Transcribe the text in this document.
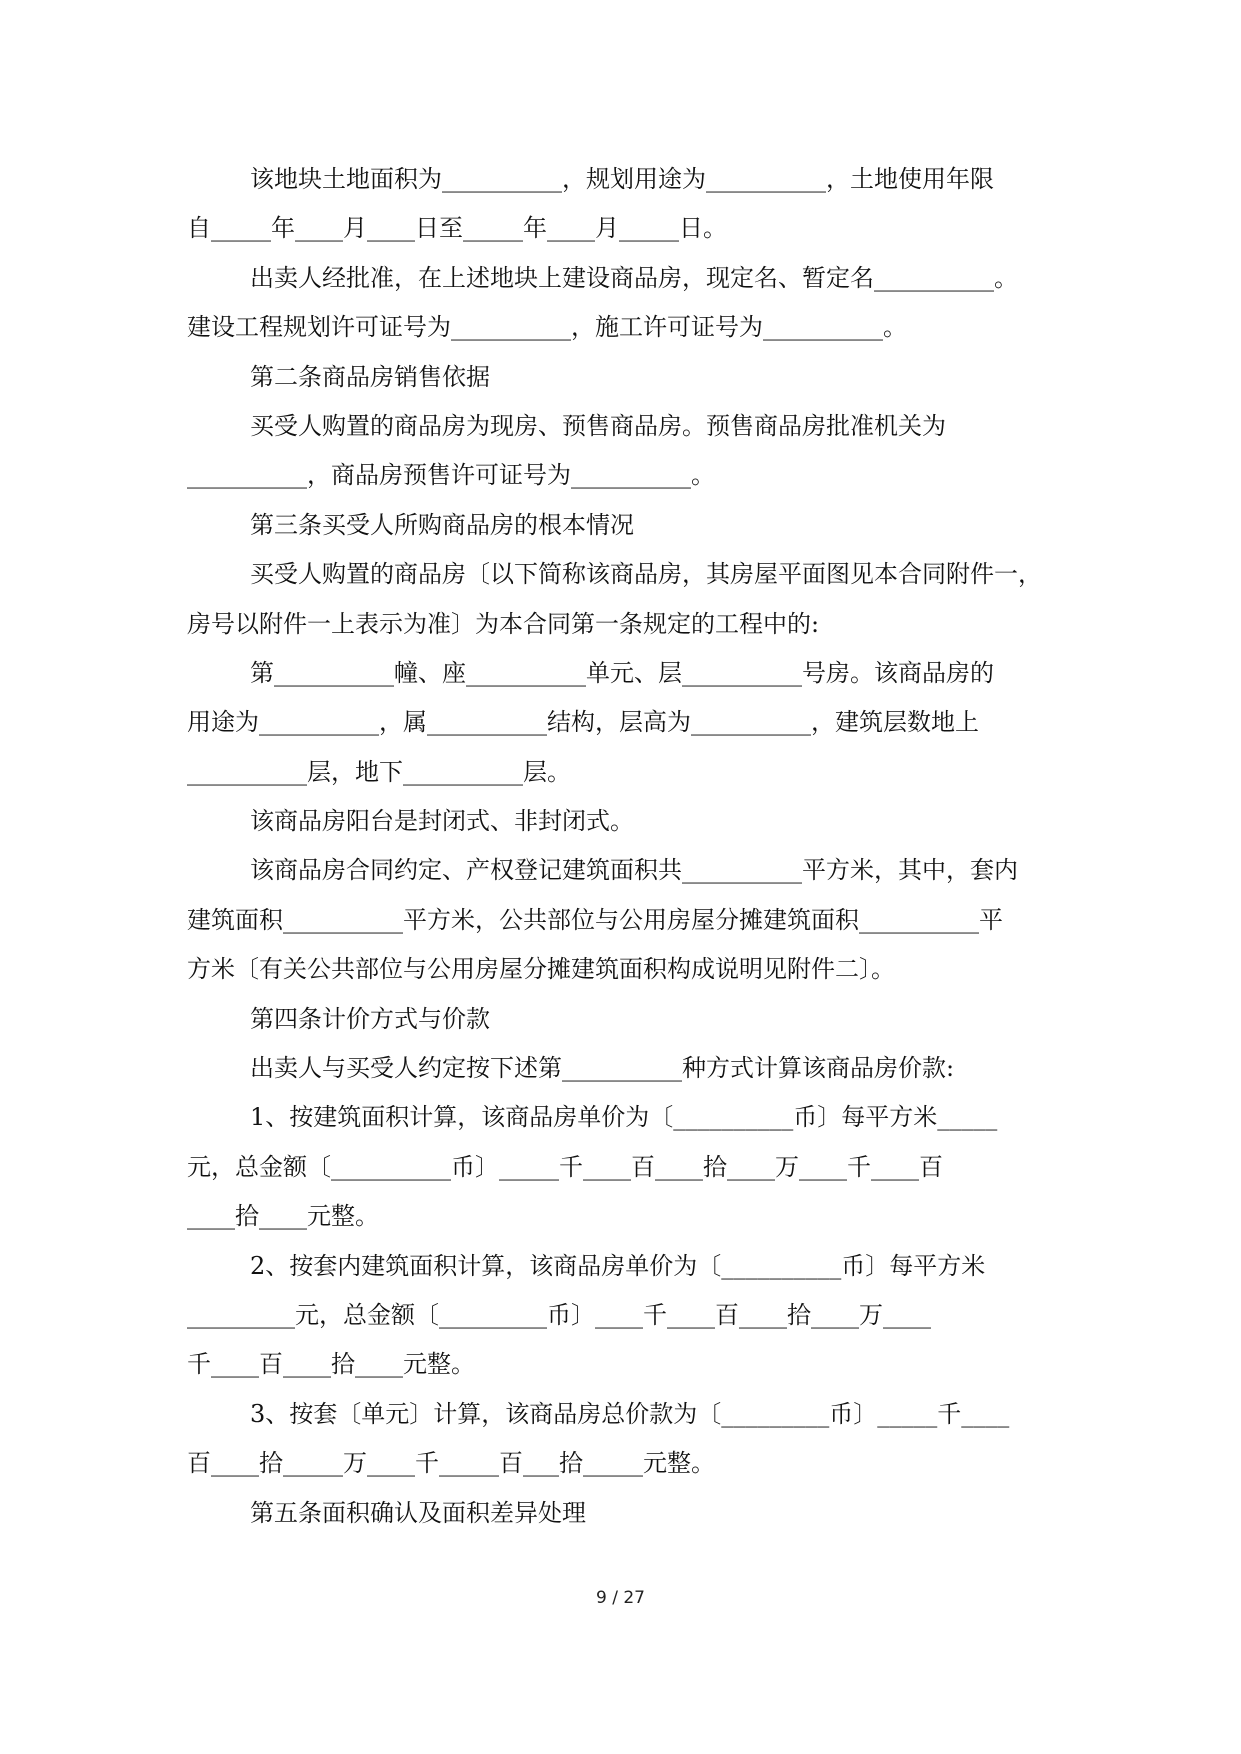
该地块土地面积为__________，规划用途为__________，土地使用年限
自_____年____月____日至_____年____月_____日。
出卖人经批准，在上述地块上建设商品房，现定名、暂定名__________。
建设工程规划许可证号为__________，施工许可证号为__________。
第二条商品房销售依据
买受人购置的商品房为现房、预售商品房。预售商品房批准机关为
__________，商品房预售许可证号为__________。
第三条买受人所购商品房的根本情况
买受人购置的商品房〔以下简称该商品房，其房屋平面图见本合同附件一，
房号以附件一上表示为准〕为本合同第一条规定的工程中的:
第__________幢、座__________单元、层__________号房。该商品房的
用途为__________，属__________结构，层高为__________，建筑层数地上
__________层，地下__________层。
该商品房阳台是封闭式、非封闭式。
该商品房合同约定、产权登记建筑面积共__________平方米，其中，套内
建筑面积__________平方米，公共部位与公用房屋分摊建筑面积__________平
方米〔有关公共部位与公用房屋分摊建筑面积构成说明见附件二〕。
第四条计价方式与价款
出卖人与买受人约定按下述第__________种方式计算该商品房价款:
1、按建筑面积计算，该商品房单价为〔__________币〕每平方米_____
元，总金额〔__________币〕_____千____百____拾____万____千____百
____拾____元整。
2、按套内建筑面积计算，该商品房单价为〔__________币〕每平方米
_________元，总金额〔_________币〕____千____百____拾____万____
千____百____拾____元整。
3、按套〔单元〕计算，该商品房总价款为〔_________币〕_____千____
百____拾_____万____千_____百___拾_____元整。
第五条面积确认及面积差异处理
9 / 27
